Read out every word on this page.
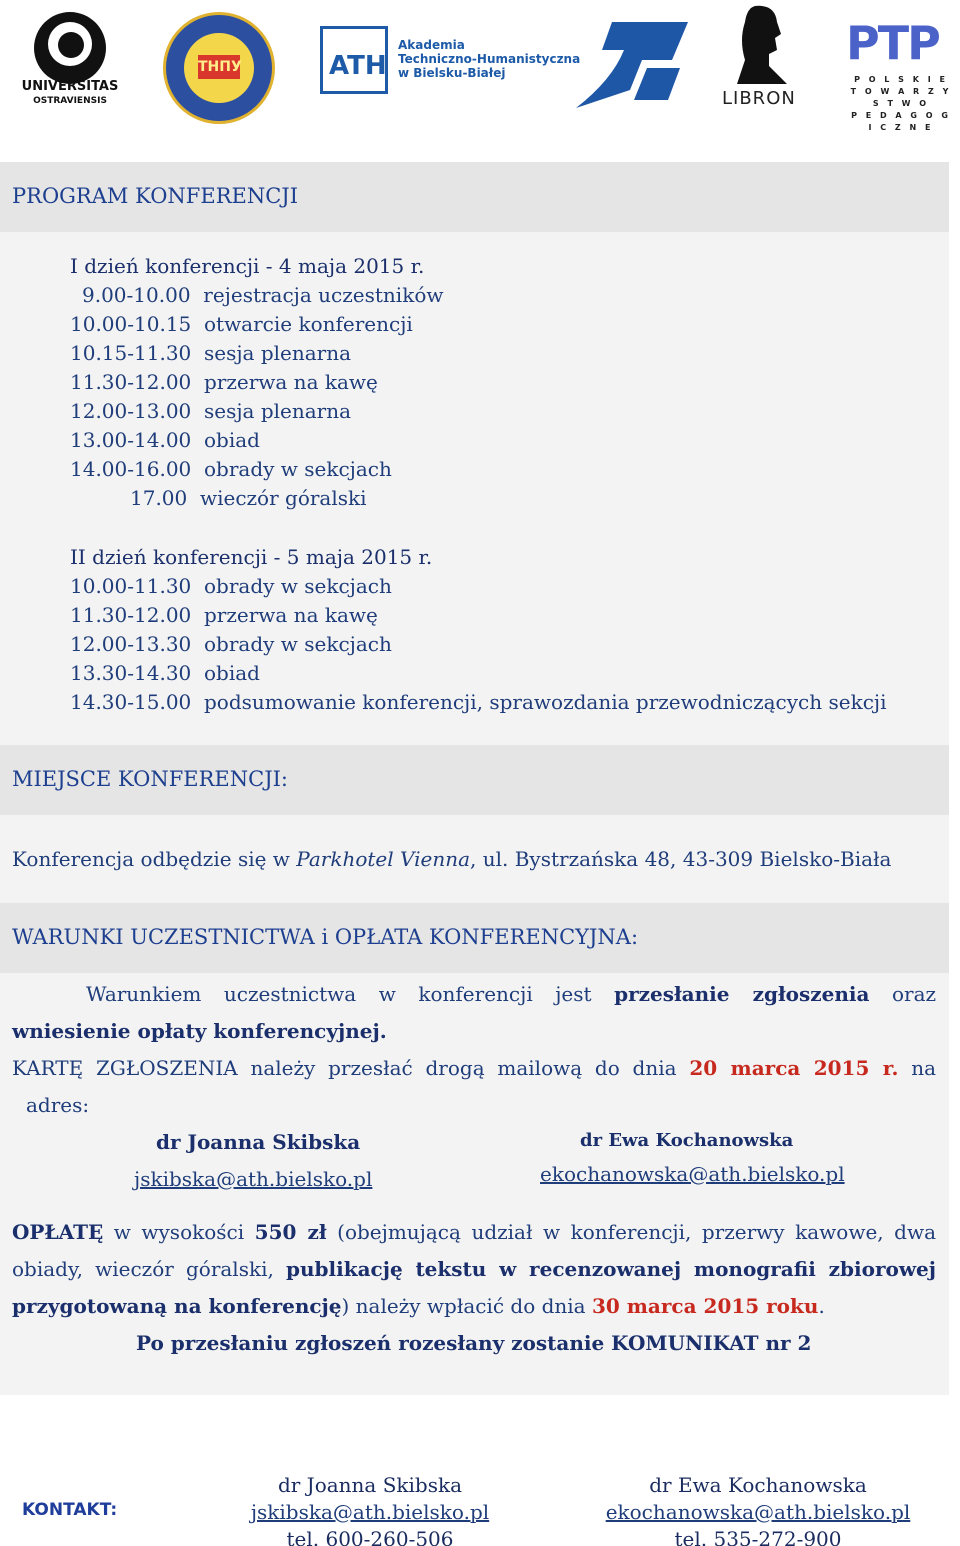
UNIVERSITAS
OSTRAVIENSIS
ТНПУ	ATH
Akademia
Techniczno-Humanistyczna
w Bielsku-Białej
LIBRON
PTP
P O L S K I E
T O W A R Z Y S T W O
P E D A G O G I C Z N E
PROGRAM KONFERENCJI
I dzień konferencji - 4 maja 2015 r.
9.00-10.00  rejestracja uczestników
10.00-10.15  otwarcie konferencji
10.15-11.30  sesja plenarna
11.30-12.00  przerwa na kawę
12.00-13.00  sesja plenarna
13.00-14.00  obiad
14.00-16.00  obrady w sekcjach
17.00  wieczór góralski
II dzień konferencji - 5 maja 2015 r.
10.00-11.30  obrady w sekcjach
11.30-12.00  przerwa na kawę
12.00-13.30  obrady w sekcjach
13.30-14.30  obiad
14.30-15.00  podsumowanie konferencji, sprawozdania przewodniczących sekcji
MIEJSCE KONFERENCJI:
Konferencja odbędzie się w Parkhotel Vienna, ul. Bystrzańska 48, 43-309 Bielsko-Biała
WARUNKI UCZESTNICTWA i OPŁATA KONFERENCYJNA:
Warunkiem uczestnictwa w konferencji jest przesłanie zgłoszenia oraz
wniesienie opłaty konferencyjnej.
KARTĘ ZGŁOSZENIA należy przesłać drogą mailową do dnia 20 marca 2015 r. na
adres:
dr Joanna Skibska
jskibska@ath.bielsko.pl
dr Ewa Kochanowska
ekochanowska@ath.bielsko.pl
OPŁATĘ w wysokości 550 zł (obejmującą udział w konferencji, przerwy kawowe, dwa
obiady, wieczór góralski, publikację tekstu w recenzowanej monografii zbiorowej
przygotowaną na konferencję) należy wpłacić do dnia 30 marca 2015 roku.
Po przesłaniu zgłoszeń rozesłany zostanie KOMUNIKAT nr 2
KONTAKT:
dr Joanna Skibska
jskibska@ath.bielsko.pl
tel. 600-260-506
dr Ewa Kochanowska
ekochanowska@ath.bielsko.pl
tel. 535-272-900
